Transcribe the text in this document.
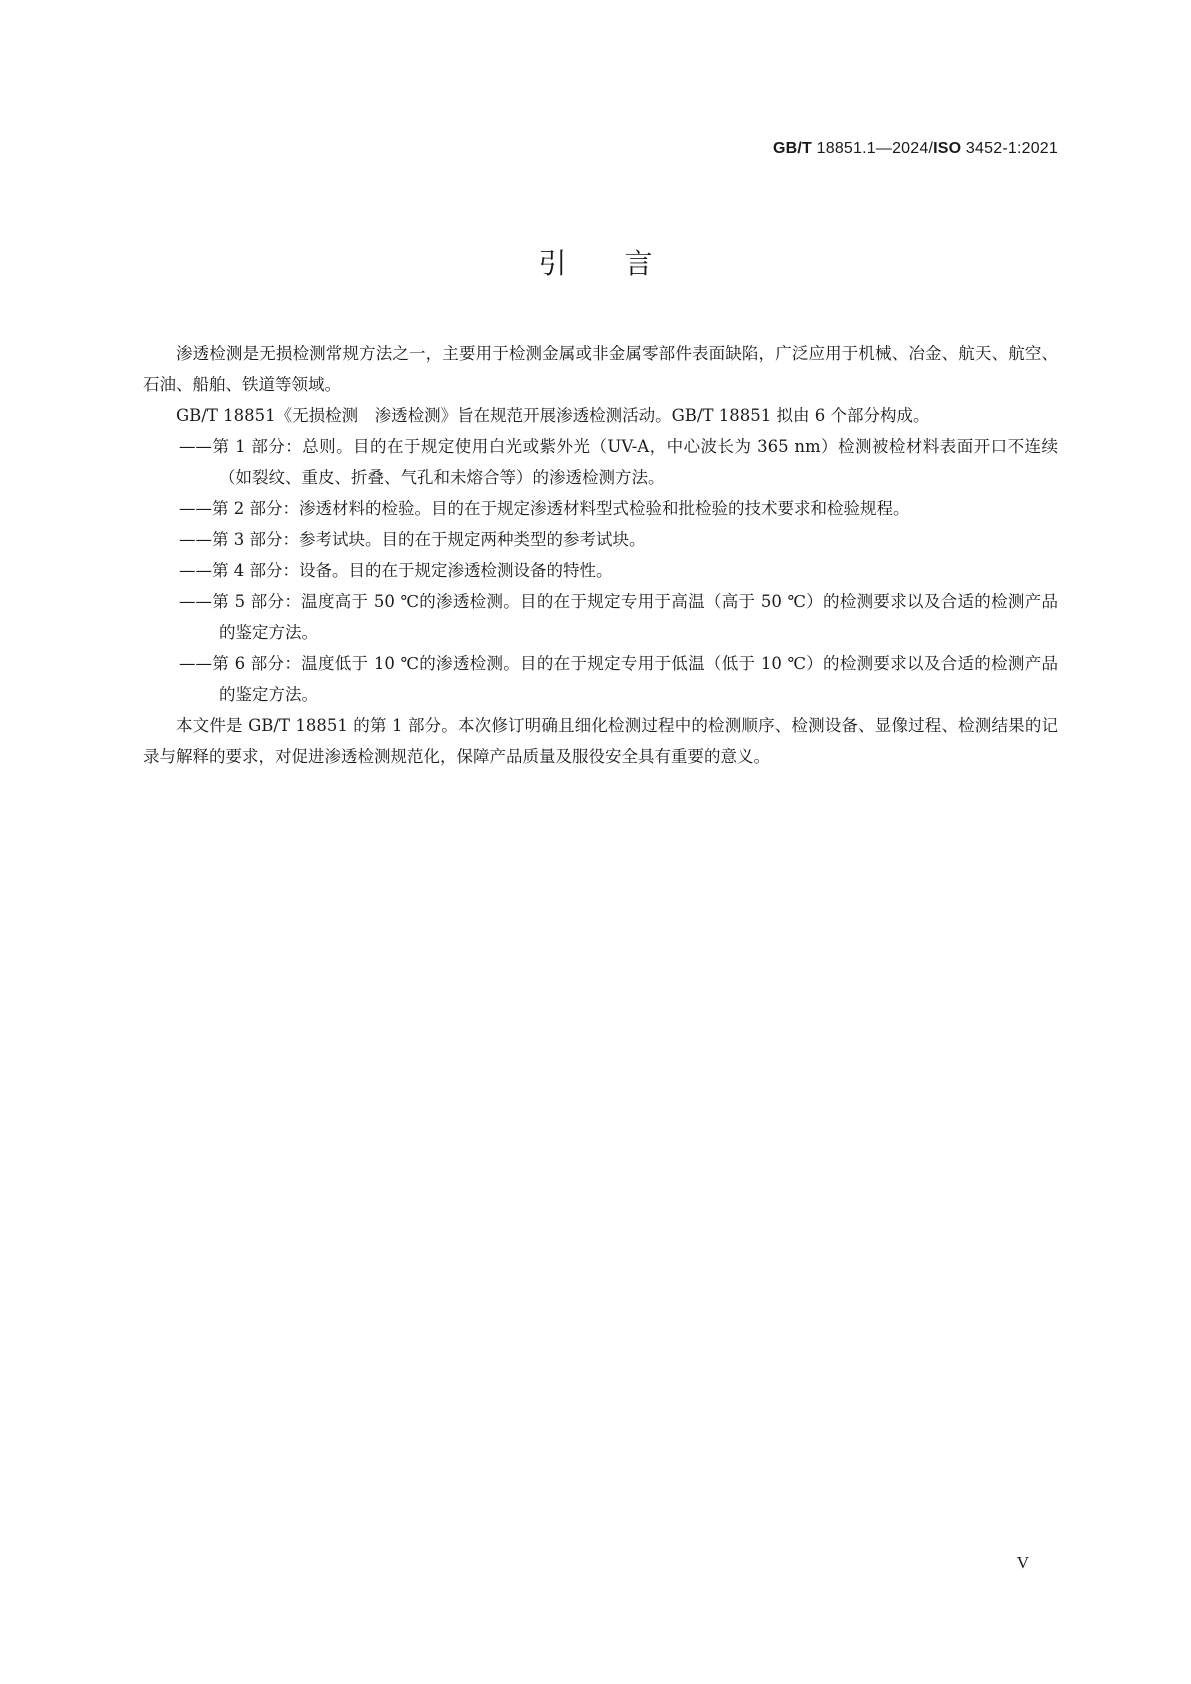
GB/T 18851.1—2024/ISO 3452-1:2021
引言

渗透检测是无损检测常规方法之一，主要用于检测金属或非金属零部件表面缺陷，广泛应用于机械、冶金、航天、航空、石油、船舶、铁道等领域。

GB/T 18851《无损检测　渗透检测》旨在规范开展渗透检测活动。GB/T 18851 拟由 6 个部分构成。

——第 1 部分：总则。目的在于规定使用白光或紫外光（UV-A，中心波长为 365 nm）检测被检材料表面开口不连续（如裂纹、重皮、折叠、气孔和未熔合等）的渗透检测方法。

——第 2 部分：渗透材料的检验。目的在于规定渗透材料型式检验和批检验的技术要求和检验规程。

——第 3 部分：参考试块。目的在于规定两种类型的参考试块。

——第 4 部分：设备。目的在于规定渗透检测设备的特性。

——第 5 部分：温度高于 50 ℃的渗透检测。目的在于规定专用于高温（高于 50 ℃）的检测要求以及合适的检测产品的鉴定方法。

——第 6 部分：温度低于 10 ℃的渗透检测。目的在于规定专用于低温（低于 10 ℃）的检测要求以及合适的检测产品的鉴定方法。

本文件是 GB/T 18851 的第 1 部分。本次修订明确且细化检测过程中的检测顺序、检测设备、显像过程、检测结果的记录与解释的要求，对促进渗透检测规范化，保障产品质量及服役安全具有重要的意义。

V
